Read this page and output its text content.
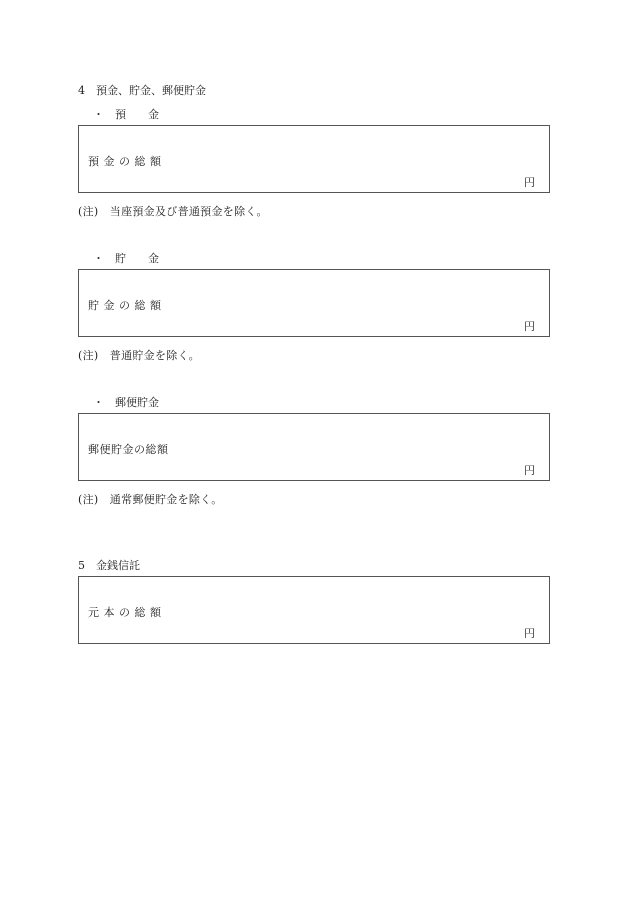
4　預金、貯金、郵便貯金
・ 預　　金
預 金 の 総 額
円
(注)　当座預金及び普通預金を除く。
・ 貯　　金
貯 金 の 総 額
円
(注)　普通貯金を除く。
・ 郵便貯金
郵便貯金の総額
円
(注)　通常郵便貯金を除く。
5　金銭信託
元 本 の 総 額
円
